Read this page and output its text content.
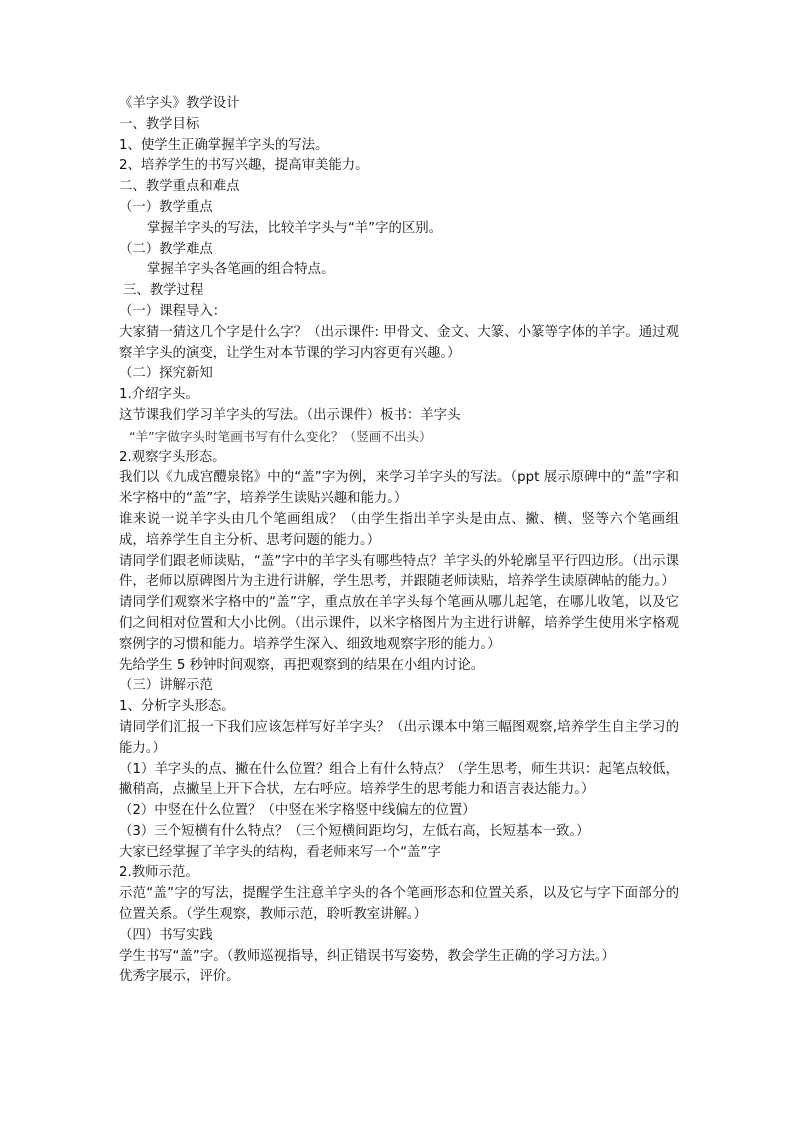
《羊字头》教学设计

一、教学目标

1、使学生正确掌握羊字头的写法。

2、培养学生的书写兴趣，提高审美能力。

二、教学重点和难点

（一）教学重点

掌握羊字头的写法，比较羊字头与“羊”字的区别。

（二）教学难点

掌握羊字头各笔画的组合特点。

三、教学过程

（一）课程导入：

大家猜一猜这几个字是什么字？（出示课件: 甲骨文、金文、大篆、小篆等字体的羊字。通过观察羊字头的演变，让学生对本节课的学习内容更有兴趣。）

（二）探究新知

1.介绍字头。

这节课我们学习羊字头的写法。（出示课件）板书：羊字头

“羊”字做字头时笔画书写有什么变化？（竖画不出头）

2.观察字头形态。

我们以《九成宫醴泉铭》中的“盖”字为例，来学习羊字头的写法。（ppt 展示原碑中的“盖”字和米字格中的“盖”字，培养学生读贴兴趣和能力。）

谁来说一说羊字头由几个笔画组成？（由学生指出羊字头是由点、撇、横、竖等六个笔画组成，培养学生自主分析、思考问题的能力。）

请同学们跟老师读贴，“盖”字中的羊字头有哪些特点？羊字头的外轮廓呈平行四边形。（出示课件，老师以原碑图片为主进行讲解，学生思考，并跟随老师读贴，培养学生读原碑帖的能力。）

请同学们观察米字格中的“盖”字，重点放在羊字头每个笔画从哪儿起笔，在哪儿收笔，以及它们之间相对位置和大小比例。（出示课件，以米字格图片为主进行讲解，培养学生使用米字格观察例字的习惯和能力。培养学生深入、细致地观察字形的能力。）

先给学生 5 秒钟时间观察，再把观察到的结果在小组内讨论。

（三）讲解示范

1、分析字头形态。

请同学们汇报一下我们应该怎样写好羊字头？（出示课本中第三幅图观察,培养学生自主学习的能力。）

（1）羊字头的点、撇在什么位置？组合上有什么特点？（学生思考，师生共识：起笔点较低，撇稍高，点撇呈上开下合状，左右呼应。培养学生的思考能力和语言表达能力。）

（2）中竖在什么位置？（中竖在米字格竖中线偏左的位置）

（3）三个短横有什么特点？（三个短横间距均匀，左低右高，长短基本一致。）

大家已经掌握了羊字头的结构，看老师来写一个“盖”字

2.教师示范。

示范“盖”字的写法，提醒学生注意羊字头的各个笔画形态和位置关系，以及它与字下面部分的位置关系。（学生观察，教师示范，聆听教室讲解。）

（四）书写实践

学生书写“盖”字。（教师巡视指导，纠正错误书写姿势，教会学生正确的学习方法。）

优秀字展示，评价。
